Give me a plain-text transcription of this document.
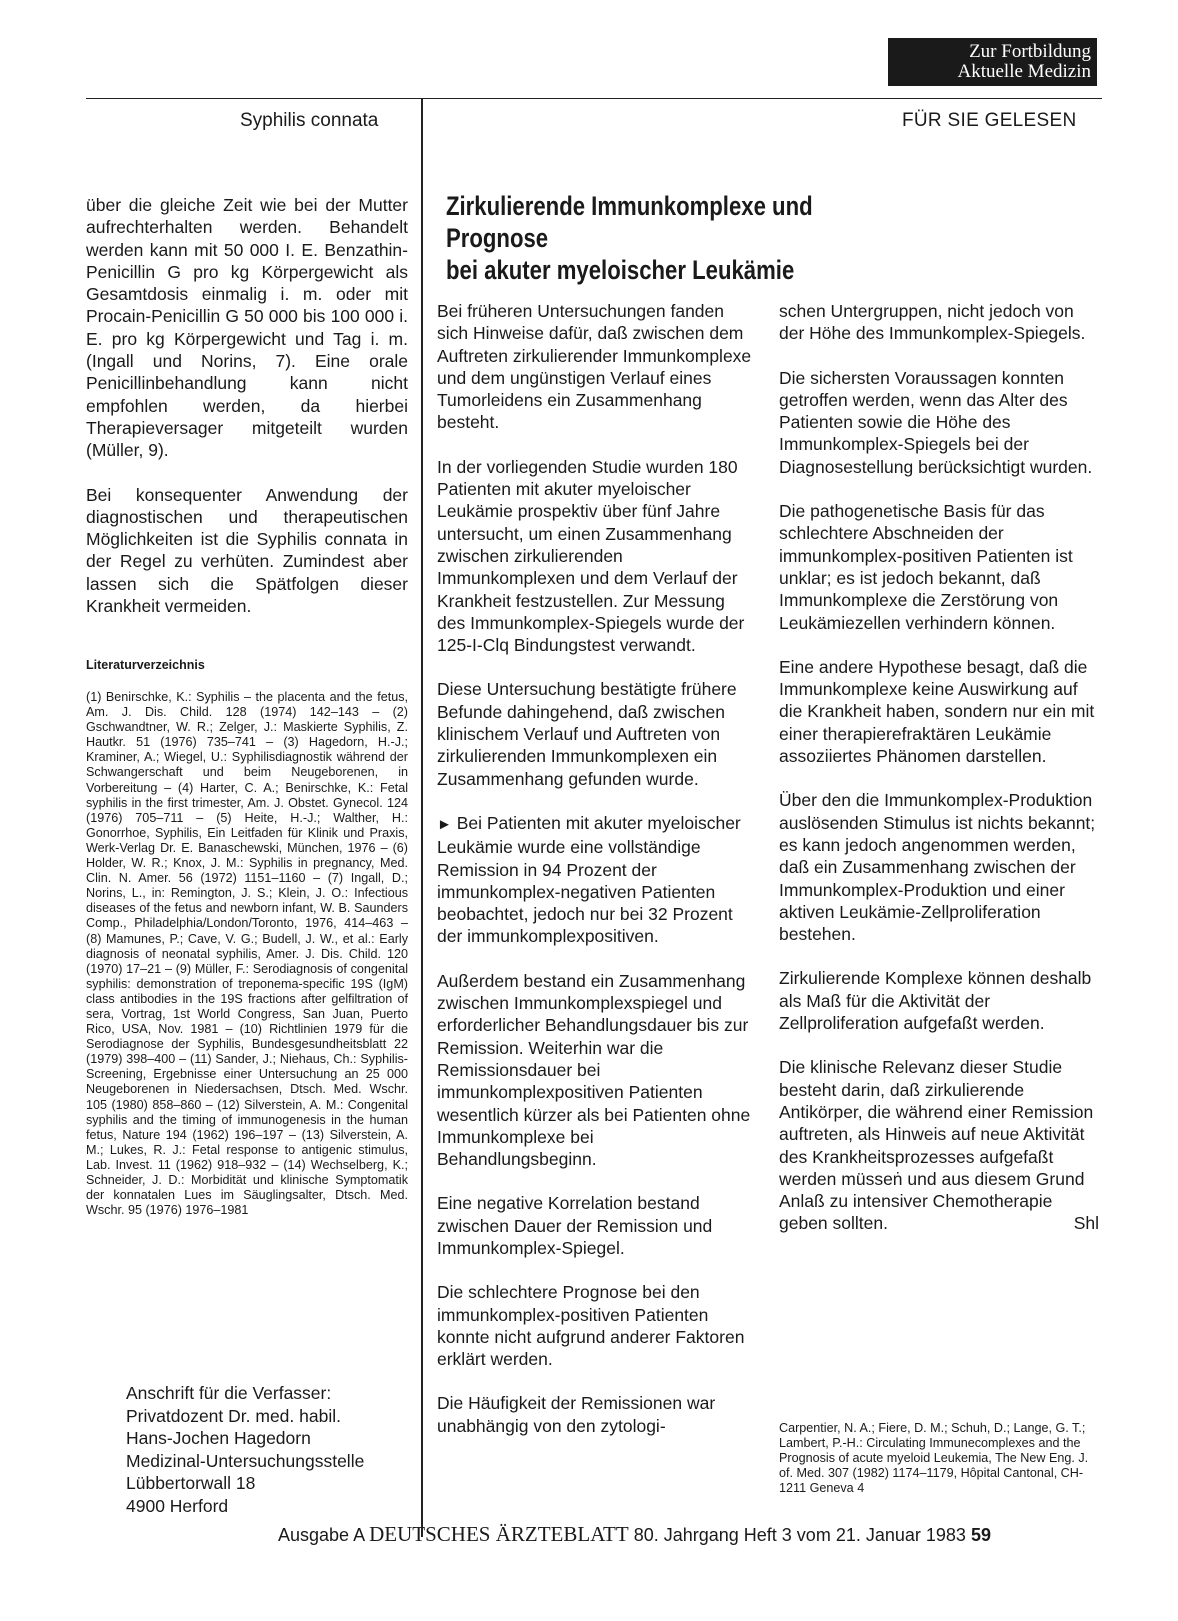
Zur Fortbildung
Aktuelle Medizin
Syphilis connata	FÜR SIE GELESEN

über die gleiche Zeit wie bei der Mutter aufrechterhalten werden. Behandelt werden kann mit 50 000 I. E. Benzathin-Penicillin G pro kg Körpergewicht als Gesamtdosis einmalig i. m. oder mit Procain-Penicillin G 50 000 bis 100 000 i. E. pro kg Körpergewicht und Tag i. m. (Ingall und Norins, 7). Eine orale Penicillinbehandlung kann nicht empfohlen werden, da hierbei Therapieversager mitgeteilt wurden (Müller, 9).

Bei konsequenter Anwendung der diagnostischen und therapeutischen Möglichkeiten ist die Syphilis connata in der Regel zu verhüten. Zumindest aber lassen sich die Spätfolgen dieser Krankheit vermeiden.

Literaturverzeichnis
(1) Benirschke, K.: Syphilis – the placenta and the fetus, Am. J. Dis. Child. 128 (1974) 142–143 – (2) Gschwandtner, W. R.; Zelger, J.: Maskierte Syphilis, Z. Hautkr. 51 (1976) 735–741 – (3) Hagedorn, H.-J.; Kraminer, A.; Wiegel, U.: Syphilisdiagnostik während der Schwangerschaft und beim Neugeborenen, in Vorbereitung – (4) Harter, C. A.; Benirschke, K.: Fetal syphilis in the first trimester, Am. J. Obstet. Gynecol. 124 (1976) 705–711 – (5) Heite, H.-J.; Walther, H.: Gonorrhoe, Syphilis, Ein Leitfaden für Klinik und Praxis, Werk-Verlag Dr. E. Banaschewski, München, 1976 – (6) Holder, W. R.; Knox, J. M.: Syphilis in pregnancy, Med. Clin. N. Amer. 56 (1972) 1151–1160 – (7) Ingall, D.; Norins, L., in: Remington, J. S.; Klein, J. O.: Infectious diseases of the fetus and newborn infant, W. B. Saunders Comp., Philadelphia/London/Toronto, 1976, 414–463 – (8) Mamunes, P.; Cave, V. G.; Budell, J. W., et al.: Early diagnosis of neonatal syphilis, Amer. J. Dis. Child. 120 (1970) 17–21 – (9) Müller, F.: Serodiagnosis of congenital syphilis: demonstration of treponema-specific 19S (IgM) class antibodies in the 19S fractions after gelfiltration of sera, Vortrag, 1st World Congress, San Juan, Puerto Rico, USA, Nov. 1981 – (10) Richtlinien 1979 für die Serodiagnose der Syphilis, Bundesgesundheitsblatt 22 (1979) 398–400 – (11) Sander, J.; Niehaus, Ch.: Syphilis-Screening, Ergebnisse einer Untersuchung an 25 000 Neugeborenen in Niedersachsen, Dtsch. Med. Wschr. 105 (1980) 858–860 – (12) Silverstein, A. M.: Congenital syphilis and the timing of immunogenesis in the human fetus, Nature 194 (1962) 196–197 – (13) Silverstein, A. M.; Lukes, R. J.: Fetal response to antigenic stimulus, Lab. Invest. 11 (1962) 918–932 – (14) Wechselberg, K.; Schneider, J. D.: Morbidität und klinische Symptomatik der konnatalen Lues im Säuglingsalter, Dtsch. Med. Wschr. 95 (1976) 1976–1981
Anschrift für die Verfasser:
Privatdozent Dr. med. habil.
Hans-Jochen Hagedorn
Medizinal-Untersuchungsstelle
Lübbertorwall 18
4900 Herford
Zirkulierende Immunkomplexe und Prognose
bei akuter myeloischer Leukämie

Bei früheren Untersuchungen fanden sich Hinweise dafür, daß zwischen dem Auftreten zirkulierender Immunkomplexe und dem ungünstigen Verlauf eines Tumorleidens ein Zusammenhang besteht.

In der vorliegenden Studie wurden 180 Patienten mit akuter myeloischer Leukämie prospektiv über fünf Jahre untersucht, um einen Zusammenhang zwischen zirkulierenden Immunkomplexen und dem Verlauf der Krankheit festzustellen. Zur Messung des Immunkomplex-Spiegels wurde der 125-I-Clq Bindungstest verwandt.

Diese Untersuchung bestätigte frühere Befunde dahingehend, daß zwischen klinischem Verlauf und Auftreten von zirkulierenden Immunkomplexen ein Zusammenhang gefunden wurde.

► Bei Patienten mit akuter myeloischer Leukämie wurde eine vollständige Remission in 94 Prozent der immunkomplex-negativen Patienten beobachtet, jedoch nur bei 32 Prozent der immunkomplexpositiven.

Außerdem bestand ein Zusammenhang zwischen Immunkomplexspiegel und erforderlicher Behandlungsdauer bis zur Remission. Weiterhin war die Remissionsdauer bei immunkomplexpositiven Patienten wesentlich kürzer als bei Patienten ohne Immunkomplexe bei Behandlungsbeginn.

Eine negative Korrelation bestand zwischen Dauer der Remission und Immunkomplex-Spiegel.

Die schlechtere Prognose bei den immunkomplex-positiven Patienten konnte nicht aufgrund anderer Faktoren erklärt werden.

Die Häufigkeit der Remissionen war unabhängig von den zytologi-

schen Untergruppen, nicht jedoch von der Höhe des Immunkomplex-Spiegels.

Die sichersten Voraussagen konnten getroffen werden, wenn das Alter des Patienten sowie die Höhe des Immunkomplex-Spiegels bei der Diagnosestellung berücksichtigt wurden.

Die pathogenetische Basis für das schlechtere Abschneiden der immunkomplex-positiven Patienten ist unklar; es ist jedoch bekannt, daß Immunkomplexe die Zerstörung von Leukämiezellen verhindern können.

Eine andere Hypothese besagt, daß die Immunkomplexe keine Auswirkung auf die Krankheit haben, sondern nur ein mit einer therapierefraktären Leukämie assoziiertes Phänomen darstellen.

Über den die Immunkomplex-Produktion auslösenden Stimulus ist nichts bekannt; es kann jedoch angenommen werden, daß ein Zusammenhang zwischen der Immunkomplex-Produktion und einer aktiven Leukämie-Zellproliferation bestehen.

Zirkulierende Komplexe können deshalb als Maß für die Aktivität der Zellproliferation aufgefaßt werden.

Die klinische Relevanz dieser Studie besteht darin, daß zirkulierende Antikörper, die während einer Remission auftreten, als Hinweis auf neue Aktivität des Krankheitsprozesses aufgefaßt werden müsseṅ und aus diesem Grund Anlaß zu intensiver Chemotherapie geben sollten.	Shl

Carpentier, N. A.; Fiere, D. M.; Schuh, D.; Lange, G. T.; Lambert, P.-H.: Circulating Immunecomplexes and the Prognosis of acute myeloid Leukemia, The New Eng. J. of. Med. 307 (1982) 1174–1179, Hôpital Cantonal, CH-1211 Geneva 4
Ausgabe A DEUTSCHES ÄRZTEBLATT 80. Jahrgang Heft 3 vom 21. Januar 1983 59
